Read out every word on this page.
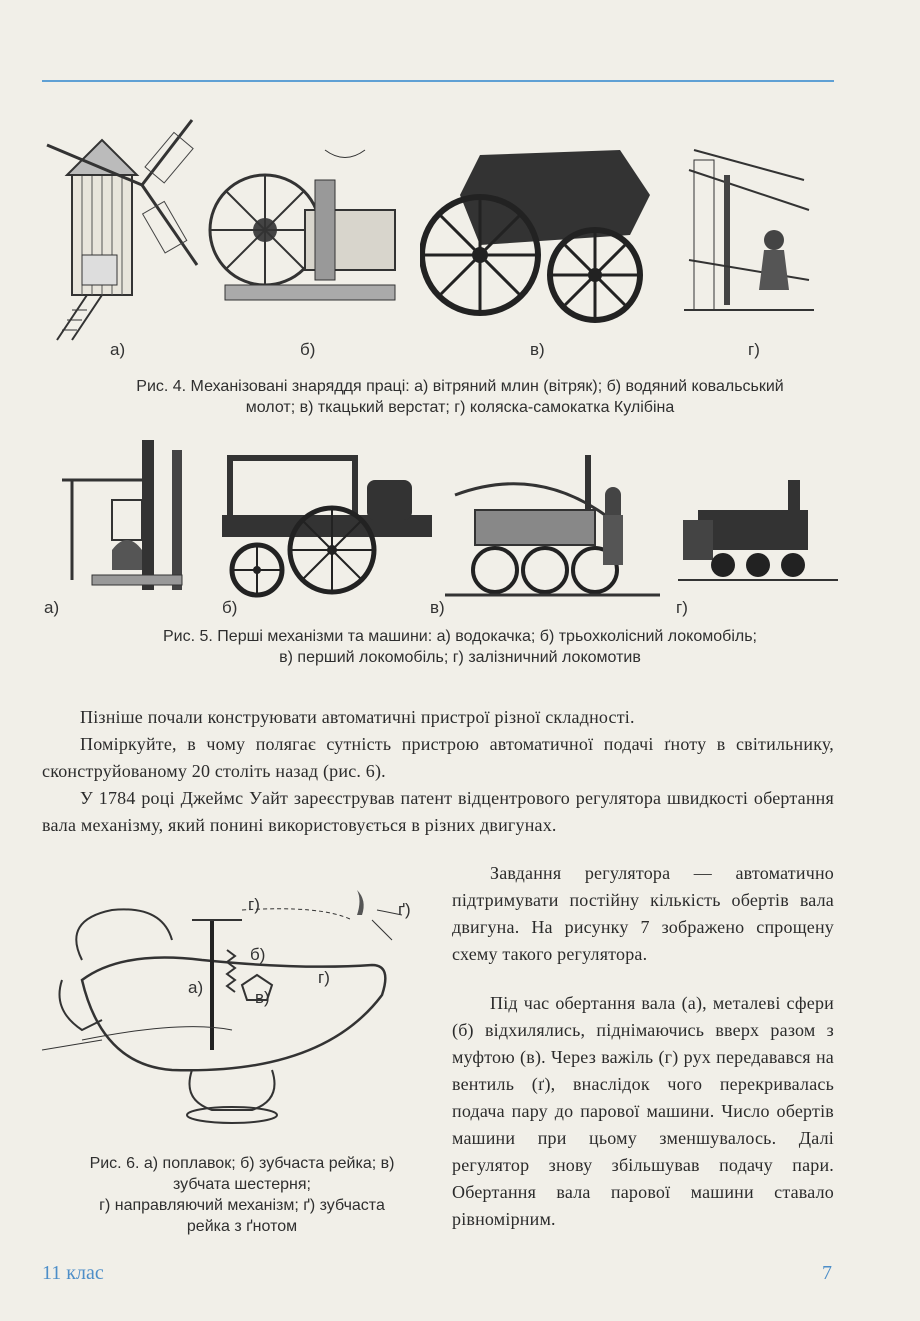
а)	б)	в)	г)
Рис. 4. Механізовані знаряддя праці: а) вітряний млин (вітряк); б) водяний ковальський
молот; в) ткацький верстат; г) коляска-самокатка Кулібіна
а)	б)	в)	г)
Рис. 5. Перші механізми та машини: а) водокачка; б) трьохколісний локомобіль;
в) перший локомобіль; г) залізничний локомотив
Пізніше почали конструювати автоматичні пристрої різної складності.
Поміркуйте, в чому полягає сутність пристрою автоматичної подачі ґноту в світильнику, сконструйованому 20 століть назад (рис. 6).
У 1784 році Джеймс Уайт зареєстрував патент відцентрового регулятора швидкості обертання вала механізму, який понині використовується в різних двигунах.
Завдання регулятора — автоматично підтримувати постійну кількість обертів вала двигуна. На рисунку 7 зображено спрощену схему такого регулятора.
Під час обертання вала (а), металеві сфери (б) відхилялись, піднімаючись вверх разом з муфтою (в). Через важіль (г) рух передавався на вентиль (ґ), внаслідок чого перекривалась подача пару до парової машини. Число обертів машини при цьому зменшувалось. Далі регулятор знову збільшував подачу пари. Обертання вала парової машини ставало рівномірним.
г)	ґ)
б)
а)
в)
г)
Рис. 6. а) поплавок; б) зубчаста рейка; в)
зубчата шестерня;
г) направляючий механізм; ґ) зубчаста
рейка з ґнотом
11 клас	7
